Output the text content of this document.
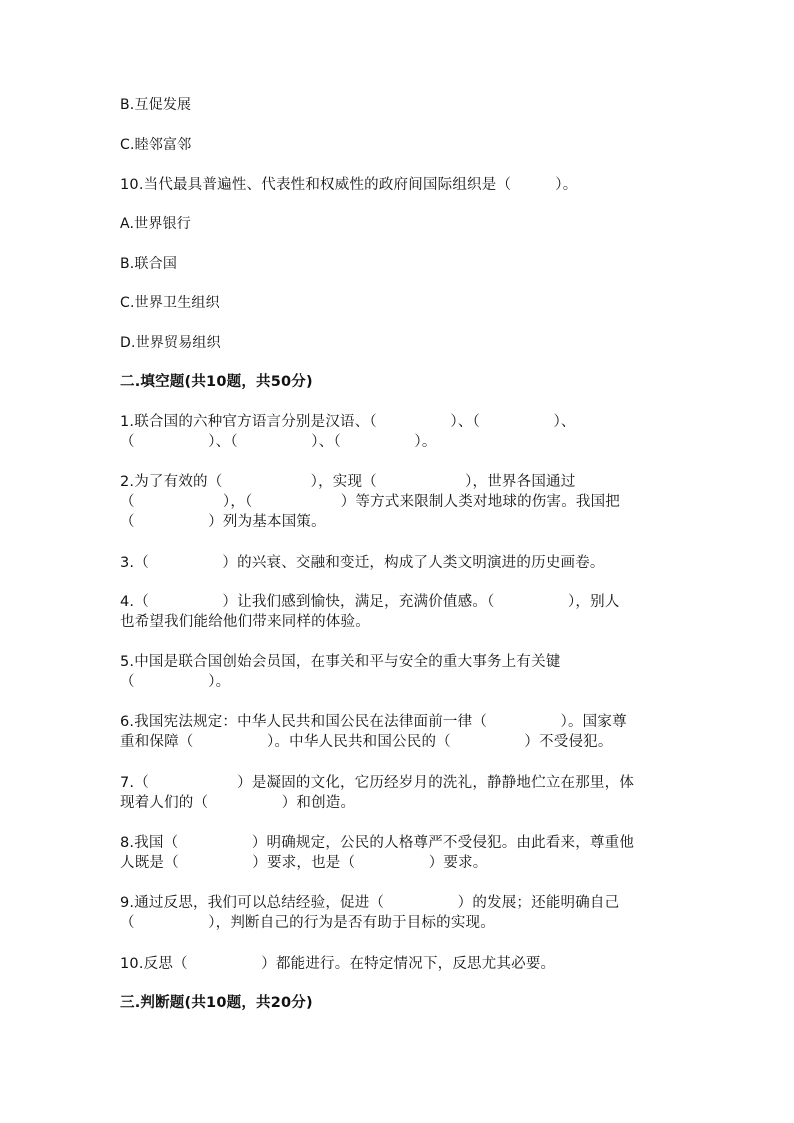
B.互促发展
C.睦邻富邻
10.当代最具普遍性、代表性和权威性的政府间国际组织是（　　　）。
A.世界银行
B.联合国
C.世界卫生组织
D.世界贸易组织
二.填空题(共10题，共50分)
1.联合国的六种官方语言分别是汉语、（　　　　　）、（　　　　　）、
（　　　　　）、（　　　　　）、（　　　　　）。
2.为了有效的（　　　　　　），实现（　　　　　　），世界各国通过
（　　　　　　），（　　　　　　）等方式来限制人类对地球的伤害。我国把
（　　　　　）列为基本国策。
3.（　　　　　）的兴衰、交融和变迁，构成了人类文明演进的历史画卷。
4.（　　　　　）让我们感到愉快，满足，充满价值感。（　　　　　），别人
也希望我们能给他们带来同样的体验。
5.中国是联合国创始会员国，在事关和平与安全的重大事务上有关键
（　　　　　）。
6.我国宪法规定：中华人民共和国公民在法律面前一律（　　　　　）。国家尊
重和保障（　　　　　）。中华人民共和国公民的（　　　　　）不受侵犯。
7.（　　　　　　）是凝固的文化，它历经岁月的洗礼，静静地伫立在那里，体
现着人们的（　　　　　）和创造。
8.我国（　　　　　）明确规定，公民的人格尊严不受侵犯。由此看来，尊重他
人既是（　　　　　）要求，也是（　　　　　）要求。
9.通过反思，我们可以总结经验，促进（　　　　　）的发展；还能明确自己
（　　　　　），判断自己的行为是否有助于目标的实现。
10.反思（　　　　　）都能进行。在特定情况下，反思尤其必要。
三.判断题(共10题，共20分)
